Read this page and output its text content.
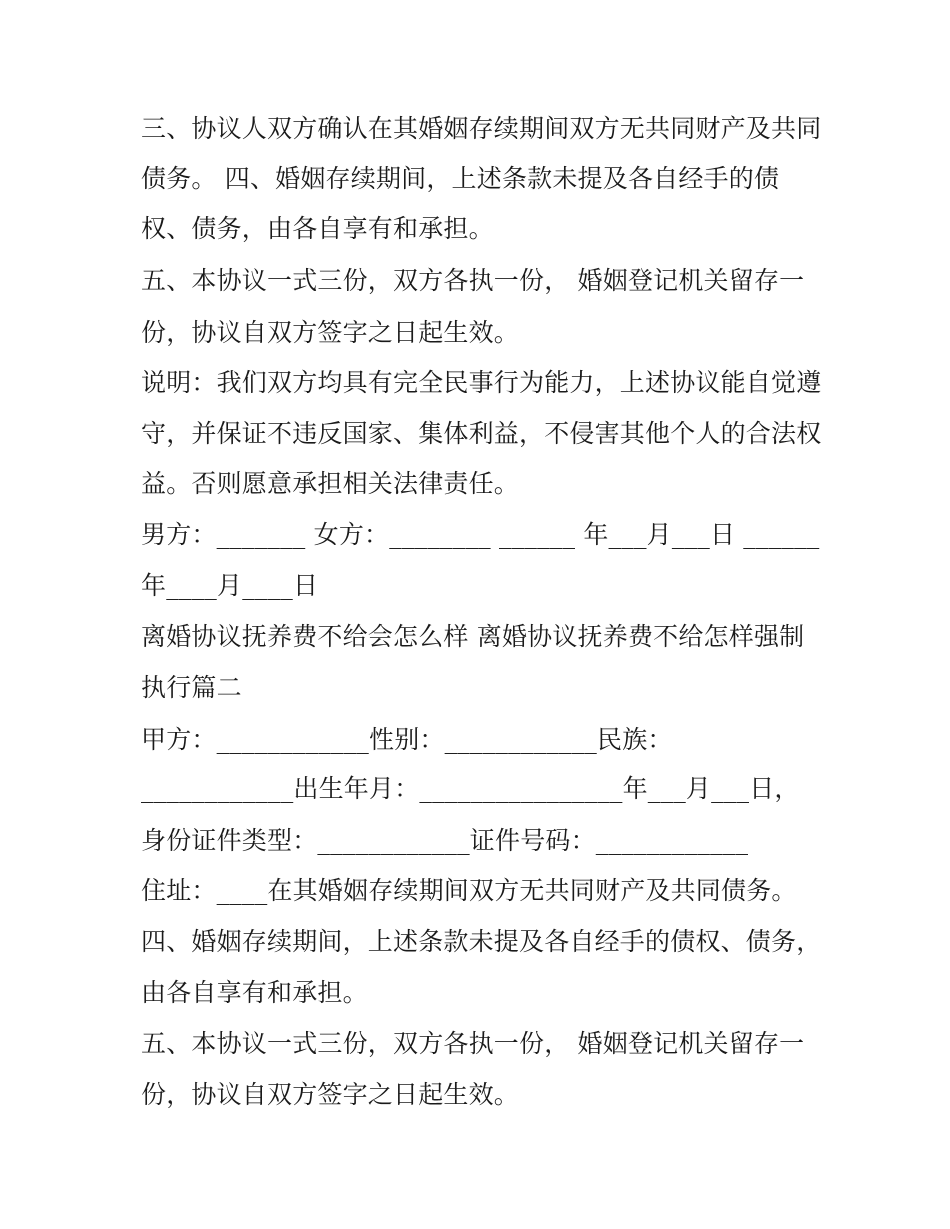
三、协议人双方确认在其婚姻存续期间双方无共同财产及共同
债务。 四、婚姻存续期间，上述条款未提及各自经手的债
权、债务，由各自享有和承担。
五、本协议一式三份，双方各执一份， 婚姻登记机关留存一
份，协议自双方签字之日起生效。
说明：我们双方均具有完全民事行为能力，上述协议能自觉遵
守，并保证不违反国家、集体利益，不侵害其他个人的合法权
益。否则愿意承担相关法律责任。
男方：_______ 女方：________ ______ 年___月___日 ______
年____月____日
离婚协议抚养费不给会怎么样 离婚协议抚养费不给怎样强制
执行篇二
甲方：____________性别：____________民族：
____________出生年月：________________年___月___日，
身份证件类型：____________证件号码：____________
住址：____在其婚姻存续期间双方无共同财产及共同债务。
四、婚姻存续期间，上述条款未提及各自经手的债权、债务，
由各自享有和承担。
五、本协议一式三份，双方各执一份， 婚姻登记机关留存一
份，协议自双方签字之日起生效。
